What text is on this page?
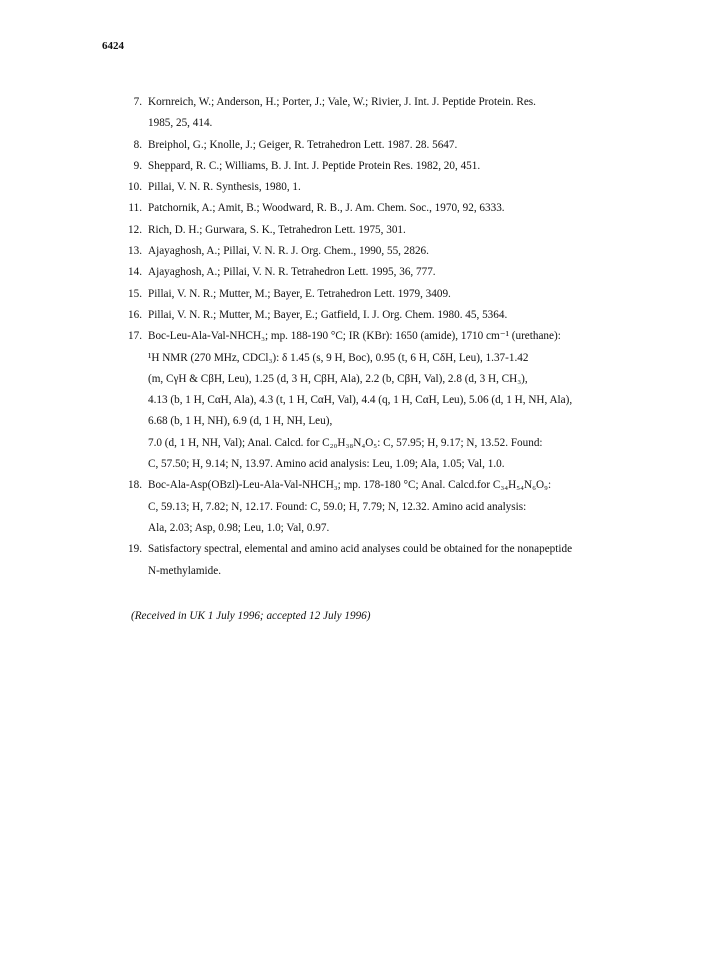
6424
7. Kornreich, W.; Anderson, H.; Porter, J.; Vale, W.; Rivier, J. Int. J. Peptide Protein. Res.
1985, 25, 414.
8. Breiphol, G.; Knolle, J.; Geiger, R. Tetrahedron Lett. 1987. 28. 5647.
9. Sheppard, R. C.; Williams, B. J. Int. J. Peptide Protein Res. 1982, 20, 451.
10. Pillai, V. N. R. Synthesis, 1980, 1.
11. Patchornik, A.; Amit, B.; Woodward, R. B., J. Am. Chem. Soc., 1970, 92, 6333.
12. Rich, D. H.; Gurwara, S. K., Tetrahedron Lett. 1975, 301.
13. Ajayaghosh, A.; Pillai, V. N. R. J. Org. Chem., 1990, 55, 2826.
14. Ajayaghosh, A.; Pillai, V. N. R. Tetrahedron Lett. 1995, 36, 777.
15. Pillai, V. N. R.; Mutter, M.; Bayer, E. Tetrahedron Lett. 1979, 3409.
16. Pillai, V. N. R.; Mutter, M.; Bayer, E.; Gatfield, I. J. Org. Chem. 1980. 45, 5364.
17. Boc-Leu-Ala-Val-NHCH₃; mp. 188-190 °C; IR (KBr): 1650 (amide), 1710 cm⁻¹ (urethane):
¹H NMR (270 MHz, CDCl₃): δ 1.45 (s, 9 H, Boc), 0.95 (t, 6 H, CδH, Leu), 1.37-1.42
(m, CγH & CβH, Leu), 1.25 (d, 3 H, CβH, Ala), 2.2 (b, CβH, Val), 2.8 (d, 3 H, CH₃),
4.13 (b, 1 H, CαH, Ala), 4.3 (t, 1 H, CαH, Val), 4.4 (q, 1 H, CαH, Leu), 5.06 (d, 1 H, NH, Ala),
6.68 (b, 1 H, NH), 6.9 (d, 1 H, NH, Leu),
7.0 (d, 1 H, NH, Val); Anal. Calcd. for C₂₀H₃₈N₄O₅: C, 57.95; H, 9.17; N, 13.52. Found:
C, 57.50; H, 9.14; N, 13.97. Amino acid analysis: Leu, 1.09; Ala, 1.05; Val, 1.0.
18. Boc-Ala-Asp(OBzl)-Leu-Ala-Val-NHCH₃; mp. 178-180 °C; Anal. Calcd.for C₃₄H₅₄N₆O₉:
C, 59.13; H, 7.82; N, 12.17. Found: C, 59.0; H, 7.79; N, 12.32. Amino acid analysis:
Ala, 2.03; Asp, 0.98; Leu, 1.0; Val, 0.97.
19. Satisfactory spectral, elemental and amino acid analyses could be obtained for the nonapeptide
N-methylamide.
(Received in UK 1 July 1996; accepted 12 July 1996)
